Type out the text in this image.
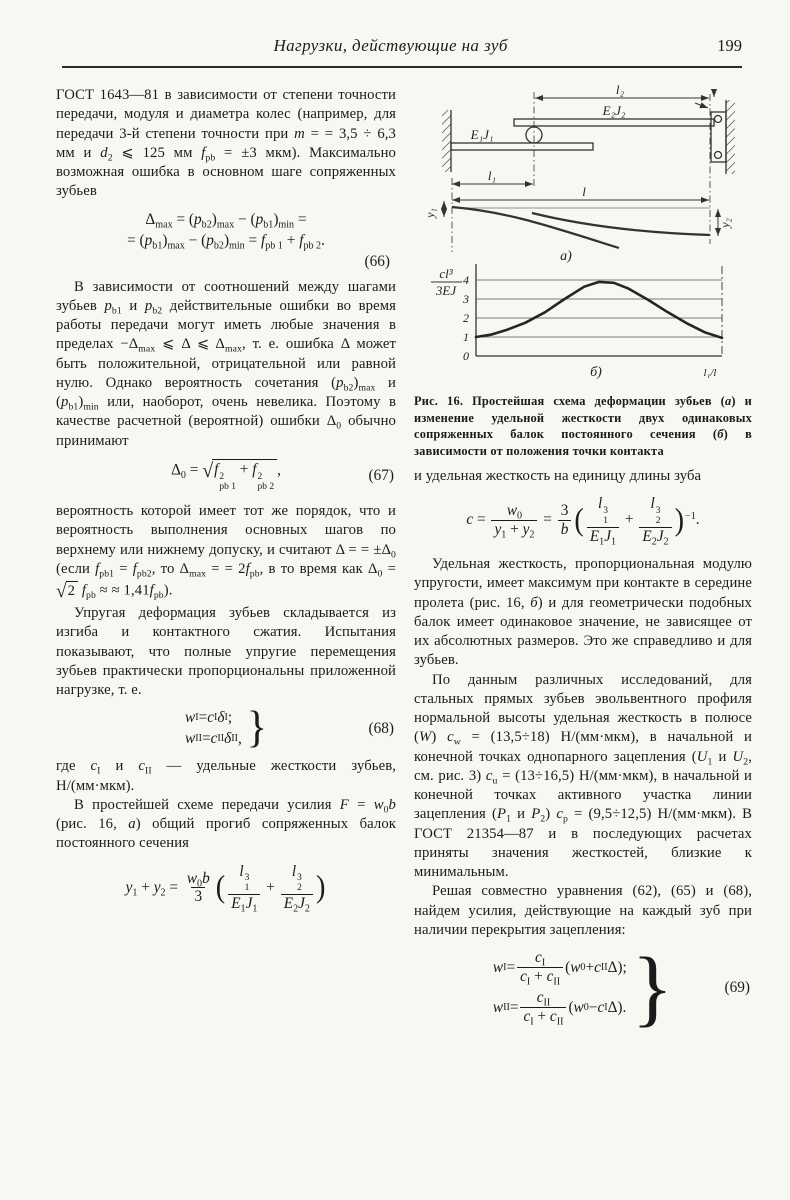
Нагрузки, действующие на зуб	199

ГОСТ 1643—81 в зависимости от степени точности передачи, модуля и диаметра колес (например, для передачи 3-й степени точности при m = = 3,5 ÷ 6,3 мм и $d_2$ ⩽ 125 мм $f_{pb} = \pm 3$ мкм). Максимально возможная ошибка в основном шаге сопряженных зубьев

$\Delta_{max} = (p_{b2})_{max} - (p_{b1})_{min}$ =
= $(p_{b1})_{max} - (p_{b2})_{min} = f_{pb 1} + f_{pb 2}$.
(66)

В зависимости от соотношений между шагами зубьев $p_{b1}$ и $p_{b2}$ действительные ошибки во время работы передачи могут иметь любые значения в пределах $-\Delta_{max}$ ⩽ Δ ⩽ $\Delta_{max}$, т. е. ошибка Δ может быть положительной, отрицательной или равной нулю. Однако вероятность сочетания $(p_{b2})_{max}$ и $(p_{b1})_{min}$ или, наоборот, очень невелика. Поэтому в качестве расчетной (вероятной) ошибки $\Delta_0$ обычно принимают

$\Delta_0 = √f$ 2
pb 1
+ f 2
pb 2
,	(67)

вероятность которой имеет тот же порядок, что и вероятность выполнения основных шагов по верхнему или нижнему допуску, и считают Δ = = $\pm\Delta_0$ (если $f_{pb1} = f_{pb2}$, то $\Delta_{max}$ = = $2f_{pb}$, в то время как $\Delta_0 = √2$ $f_{pb}$ ≈ ≈ $1,41f_{pb}$).

Упругая деформация зубьев складывается из изгиба и контактного сжатия. Испытания показывают, что полные упругие перемещения зубьев практически пропорциональны приложенной нагрузке, т. е.

w I = c I δ I ;
w II = c II δ II , }	(68)

где $c_I$ и $c_{II}$ — удельные жесткости зубьев, Н/(мм·мкм).

В простейшей схеме передачи усилия $F = w_0b$ (рис. 16, а) общий прогиб сопряженных балок постоянного сечения

$y_1 + y_2 = \frac{w_0b}{3}$ ( l 3
1
$E_1J_1 + l$ 3
2
$E_2J_2$ )
l₂
E₂J₂
E₁J₁
l₁
l
y₁
y₂
а)
cl³
3EJ
0
1
2
3
4
б)	l₁/l

Рис. 16. Простейшая схема деформации зубьев (а) и изменение удельной жесткости двух одинаковых сопряженных балок постоянного сечения (б) в зависимости от положения точки контакта

и удельная жесткость на единицу длины зуба

$c = \frac{w_0}{y_1 + y_2} = \frac{3}{b}$ ( l 3
1
$E_1J_1 + l$ 3
2
$E_2J_2$ )$^{-1}$.

Удельная жесткость, пропорциональная модулю упругости, имеет максимум при контакте в середине пролета (рис. 16, б) и для геометрически подобных балок имеет одинаковое значение, не зависящее от их абсолютных размеров. Это же справедливо и для зубьев.

По данным различных исследований, для стальных прямых зубьев эвольвентного профиля нормальной высоты удельная жесткость в полюсе (W) $c_w = (13,5\div 18)$ Н/(мм·мкм), в начальной и конечной точках однопарного зацепления ($U_1$ и $U_2$, см. рис. 3) $c_u = (13\div 16,5)$ Н/(мм·мкм), в начальной и конечной точках активного участка линии зацепления ($P_1$ и $P_2$) $c_p = (9,5\div 12,5)$ Н/(мм·мкм). В ГОСТ 21354—87 и в последующих расчетах приняты значения жесткостей, близкие к минимальным.

Решая совместно уравнения (62), (65) и (68), найдем усилия, действующие на каждый зуб при наличии перекрытия зацепления:

w $I = \frac{c_I}{c_I + c_{II}}$ ( w 0 + c II Δ);
w II = $\frac{c_{II}}{c_I + c_{II}}$ ( w 0 − c I Δ). }	(69)
